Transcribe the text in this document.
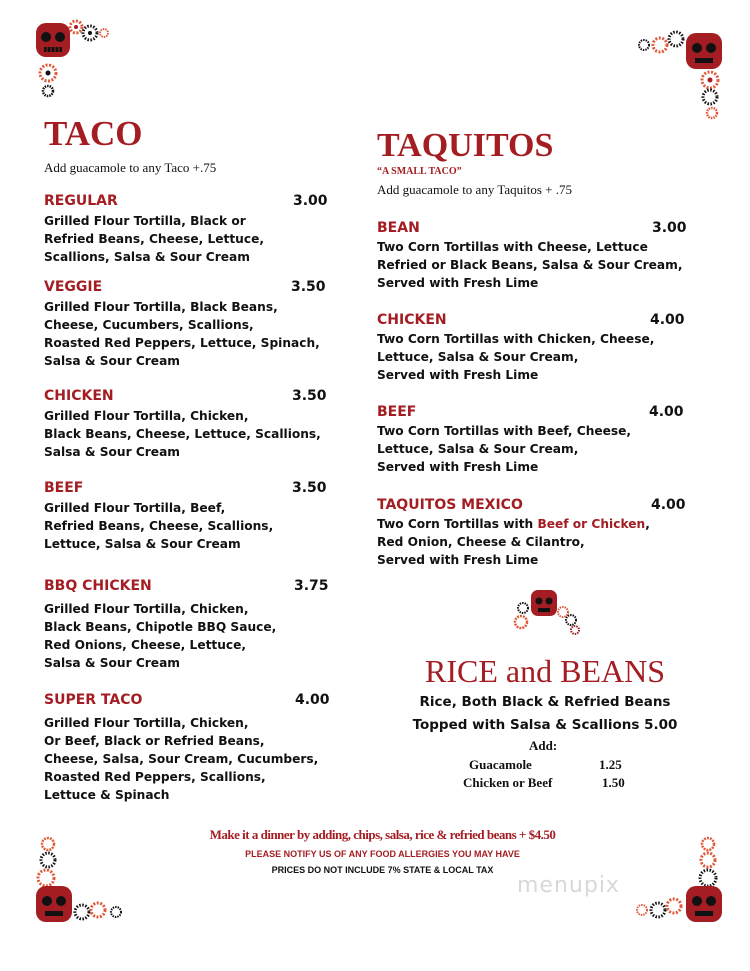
TACO
Add guacamole to any Taco +.75
REGULAR	3.00
Grilled Flour Tortilla, Black or
Refried Beans, Cheese, Lettuce,
Scallions, Salsa & Sour Cream
VEGGIE	3.50
Grilled Flour Tortilla, Black Beans,
Cheese, Cucumbers, Scallions,
Roasted Red Peppers, Lettuce, Spinach,
Salsa & Sour Cream
CHICKEN	3.50
Grilled Flour Tortilla, Chicken,
Black Beans, Cheese, Lettuce, Scallions,
Salsa & Sour Cream
BEEF	3.50
Grilled Flour Tortilla, Beef,
Refried Beans, Cheese, Scallions,
Lettuce, Salsa & Sour Cream
BBQ CHICKEN	3.75
Grilled Flour Tortilla, Chicken,
Black Beans, Chipotle BBQ Sauce,
Red Onions, Cheese, Lettuce,
Salsa & Sour Cream
SUPER TACO	4.00
Grilled Flour Tortilla, Chicken,
Or Beef, Black or Refried Beans,
Cheese, Salsa, Sour Cream, Cucumbers,
Roasted Red Peppers, Scallions,
Lettuce & Spinach
TAQUITOS
“A SMALL TACO”
Add guacamole to any Taquitos + .75
BEAN	3.00
Two Corn Tortillas with Cheese, Lettuce
Refried or Black Beans, Salsa & Sour Cream,
Served with Fresh Lime
CHICKEN	4.00
Two Corn Tortillas with Chicken, Cheese,
Lettuce, Salsa & Sour Cream,
Served with Fresh Lime
BEEF	4.00
Two Corn Tortillas with Beef, Cheese,
Lettuce, Salsa & Sour Cream,
Served with Fresh Lime
TAQUITOS MEXICO	4.00
Two Corn Tortillas with Beef or Chicken,
Red Onion, Cheese & Cilantro,
Served with Fresh Lime
RICE and BEANS
Rice, Both Black & Refried Beans
Topped with Salsa & Scallions 5.00
Add:
Guacamole	1.25
Chicken or Beef	1.50
Make it a dinner by adding, chips, salsa, rice & refried beans + $4.50
PLEASE NOTIFY US OF ANY FOOD ALLERGIES YOU MAY HAVE
PRICES DO NOT INCLUDE 7% STATE & LOCAL TAX
menupix
